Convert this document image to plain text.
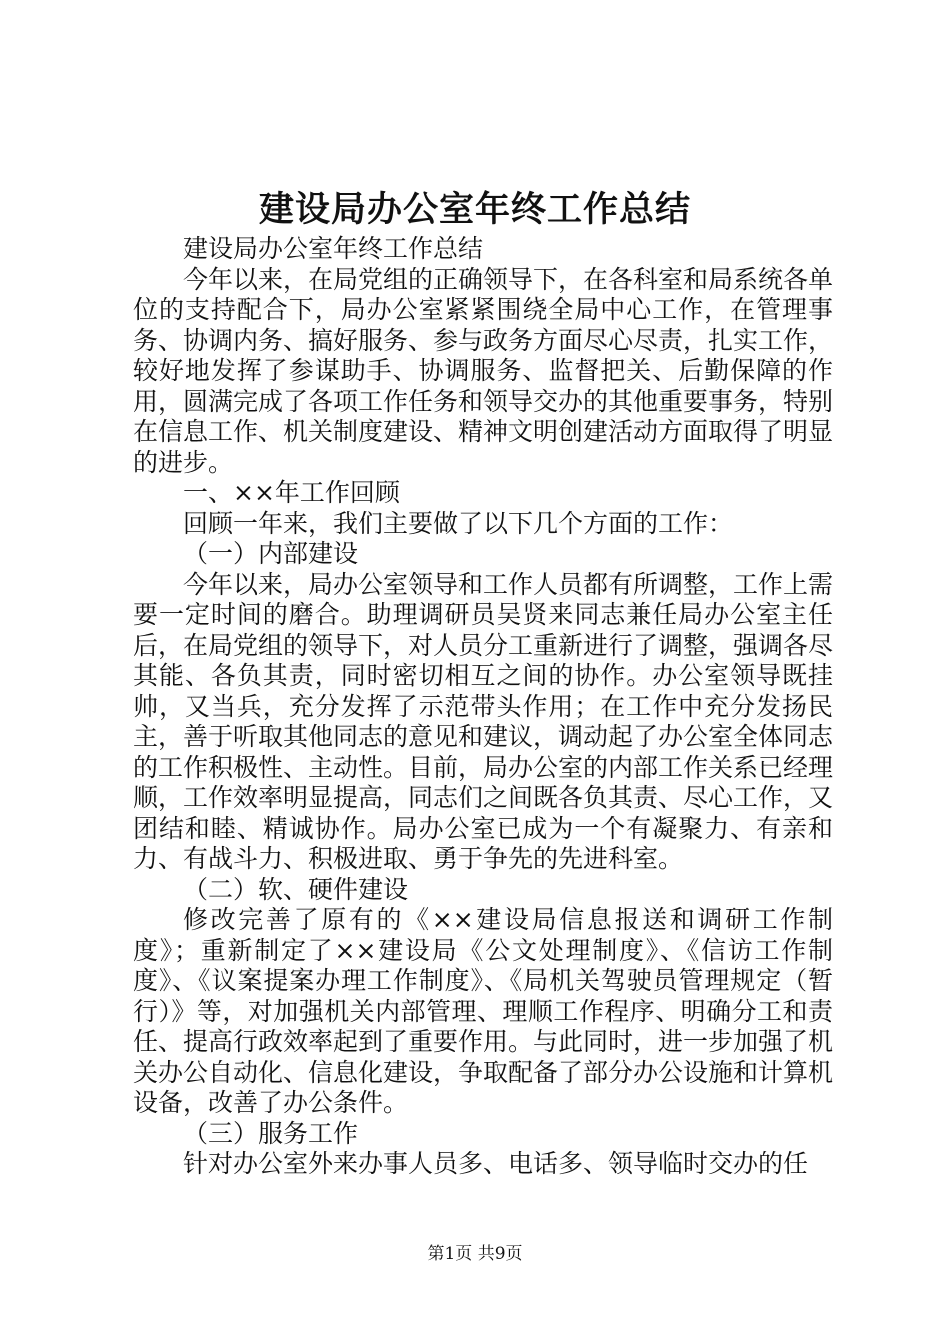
建设局办公室年终工作总结

建设局办公室年终工作总结

今年以来，在局党组的正确领导下，在各科室和局系统各单位的支持配合下，局办公室紧紧围绕全局中心工作，在管理事务、协调内务、搞好服务、参与政务方面尽心尽责，扎实工作，较好地发挥了参谋助手、协调服务、监督把关、后勤保障的作用，圆满完成了各项工作任务和领导交办的其他重要事务，特别在信息工作、机关制度建设、精神文明创建活动方面取得了明显的进步。

一、××年工作回顾

回顾一年来，我们主要做了以下几个方面的工作：

（一）内部建设

今年以来，局办公室领导和工作人员都有所调整，工作上需要一定时间的磨合。助理调研员吴贤来同志兼任局办公室主任后，在局党组的领导下，对人员分工重新进行了调整，强调各尽其能、各负其责，同时密切相互之间的协作。办公室领导既挂帅，又当兵，充分发挥了示范带头作用；在工作中充分发扬民主，善于听取其他同志的意见和建议，调动起了办公室全体同志的工作积极性、主动性。目前，局办公室的内部工作关系已经理顺，工作效率明显提高，同志们之间既各负其责、尽心工作，又团结和睦、精诚协作。局办公室已成为一个有凝聚力、有亲和力、有战斗力、积极进取、勇于争先的先进科室。

（二）软、硬件建设

修改完善了原有的《××建设局信息报送和调研工作制度》；重新制定了××建设局《公文处理制度》、《信访工作制度》、《议案提案办理工作制度》、《局机关驾驶员管理规定（暂行）》等，对加强机关内部管理、理顺工作程序、明确分工和责任、提高行政效率起到了重要作用。与此同时，进一步加强了机关办公自动化、信息化建设，争取配备了部分办公设施和计算机设备，改善了办公条件。

（三）服务工作

针对办公室外来办事人员多、电话多、领导临时交办的任

第1页 共9页
